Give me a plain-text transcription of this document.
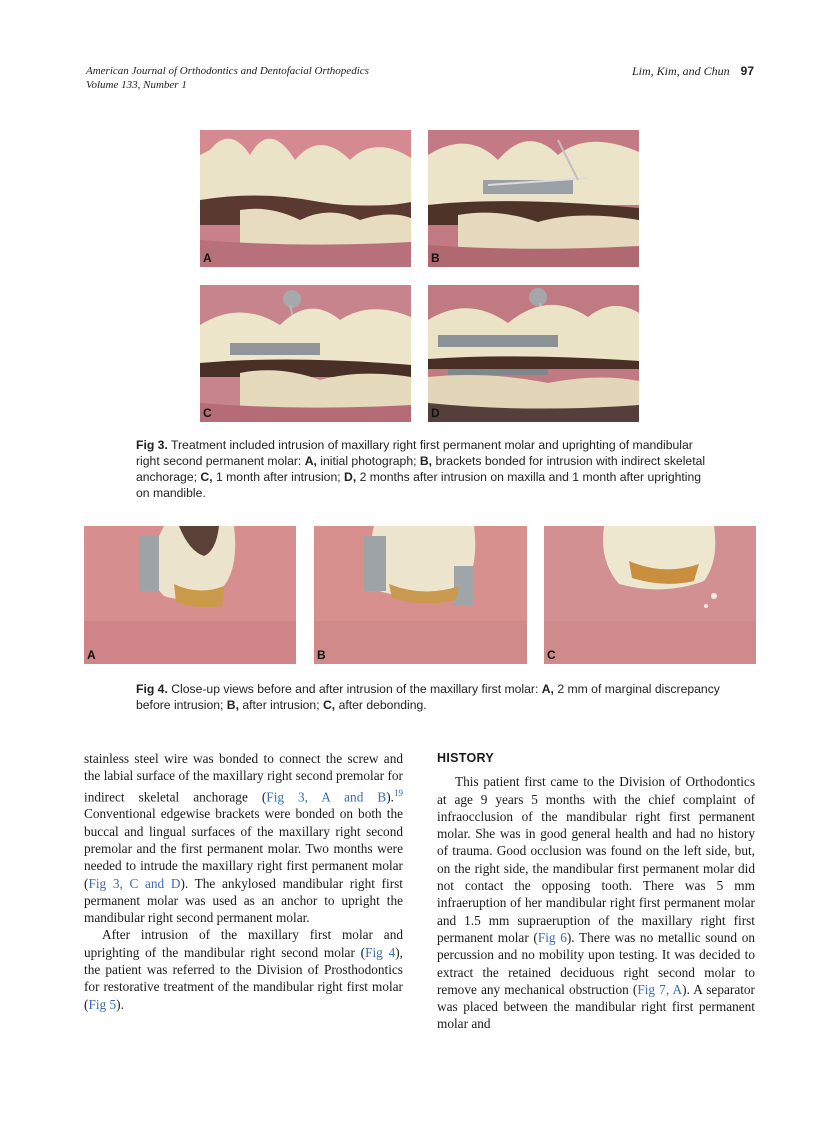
American Journal of Orthodontics and Dentofacial Orthopedics
Volume 133, Number 1
Lim, Kim, and Chun 97
A	B
C	D
Fig 3. Treatment included intrusion of maxillary right first permanent molar and uprighting of mandibular right second permanent molar: A, initial photograph; B, brackets bonded for intrusion with indirect skeletal anchorage; C, 1 month after intrusion; D, 2 months after intrusion on maxilla and 1 month after uprighting on mandible.
A	B	C
Fig 4. Close-up views before and after intrusion of the maxillary first molar: A, 2 mm of marginal discrepancy before intrusion; B, after intrusion; C, after debonding.

stainless steel wire was bonded to connect the screw and the labial surface of the maxillary right second premolar for indirect skeletal anchorage (Fig 3, A and B).$^{19}$ Conventional edgewise brackets were bonded on both the buccal and lingual surfaces of the maxillary right second premolar and the first permanent molar. Two months were needed to intrude the maxillary right first permanent molar (Fig 3, C and D). The ankylosed mandibular right first permanent molar was used as an anchor to upright the mandibular right second permanent molar.

After intrusion of the maxillary first molar and uprighting of the mandibular right second molar (Fig 4), the patient was referred to the Division of Prosthodontics for restorative treatment of the mandibular right first molar (Fig 5).

HISTORY

This patient first came to the Division of Orthodontics at age 9 years 5 months with the chief complaint of infraocclusion of the mandibular right first permanent molar. She was in good general health and had no history of trauma. Good occlusion was found on the left side, but, on the right side, the mandibular first permanent molar did not contact the opposing tooth. There was 5 mm infraeruption of her mandibular right first permanent molar and 1.5 mm supraeruption of the maxillary right first permanent molar (Fig 6). There was no metallic sound on percussion and no mobility upon testing. It was decided to extract the retained deciduous right second molar to remove any mechanical obstruction (Fig 7, A). A separator was placed between the mandibular right first permanent molar and
